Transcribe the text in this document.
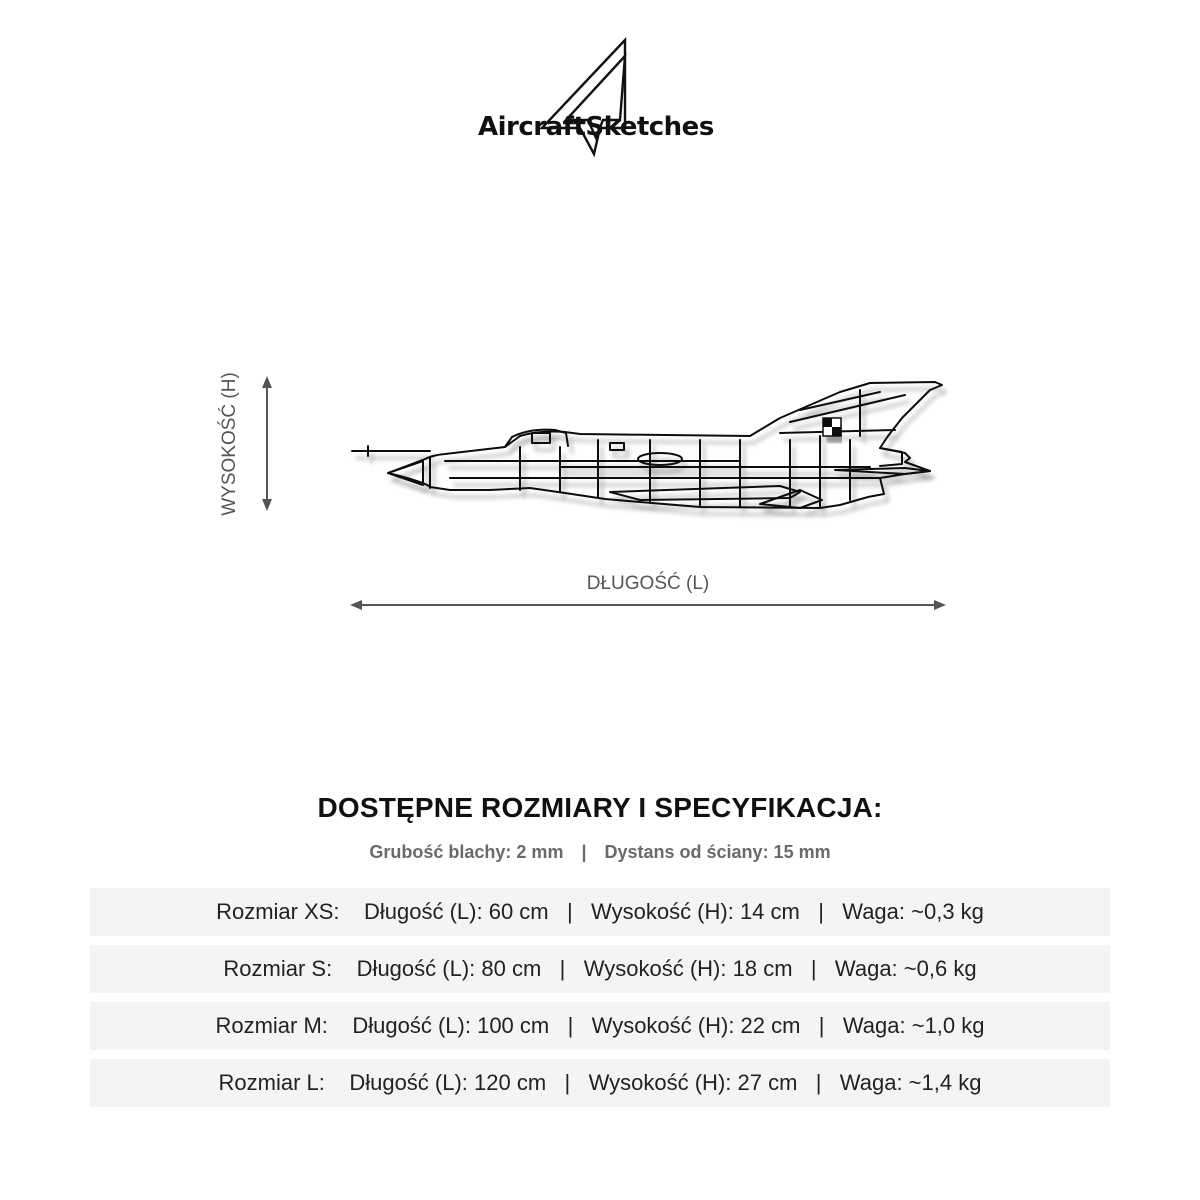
AircraftSketches
WYSOKOŚĆ (H)
DŁUGOŚĆ (L)
DOSTĘPNE ROZMIARY I SPECYFIKACJA:
Grubość blachy: 2 mm | Dystans od ściany: 15 mm
Rozmiar XS:
Długość (L): 60 cm | Wysokość (H): 14 cm | Waga: ~0,3 kg
Rozmiar S:
Długość (L): 80 cm | Wysokość (H): 18 cm | Waga: ~0,6 kg
Rozmiar M:
Długość (L): 100 cm | Wysokość (H): 22 cm | Waga: ~1,0 kg
Rozmiar L:
Długość (L): 120 cm | Wysokość (H): 27 cm | Waga: ~1,4 kg
